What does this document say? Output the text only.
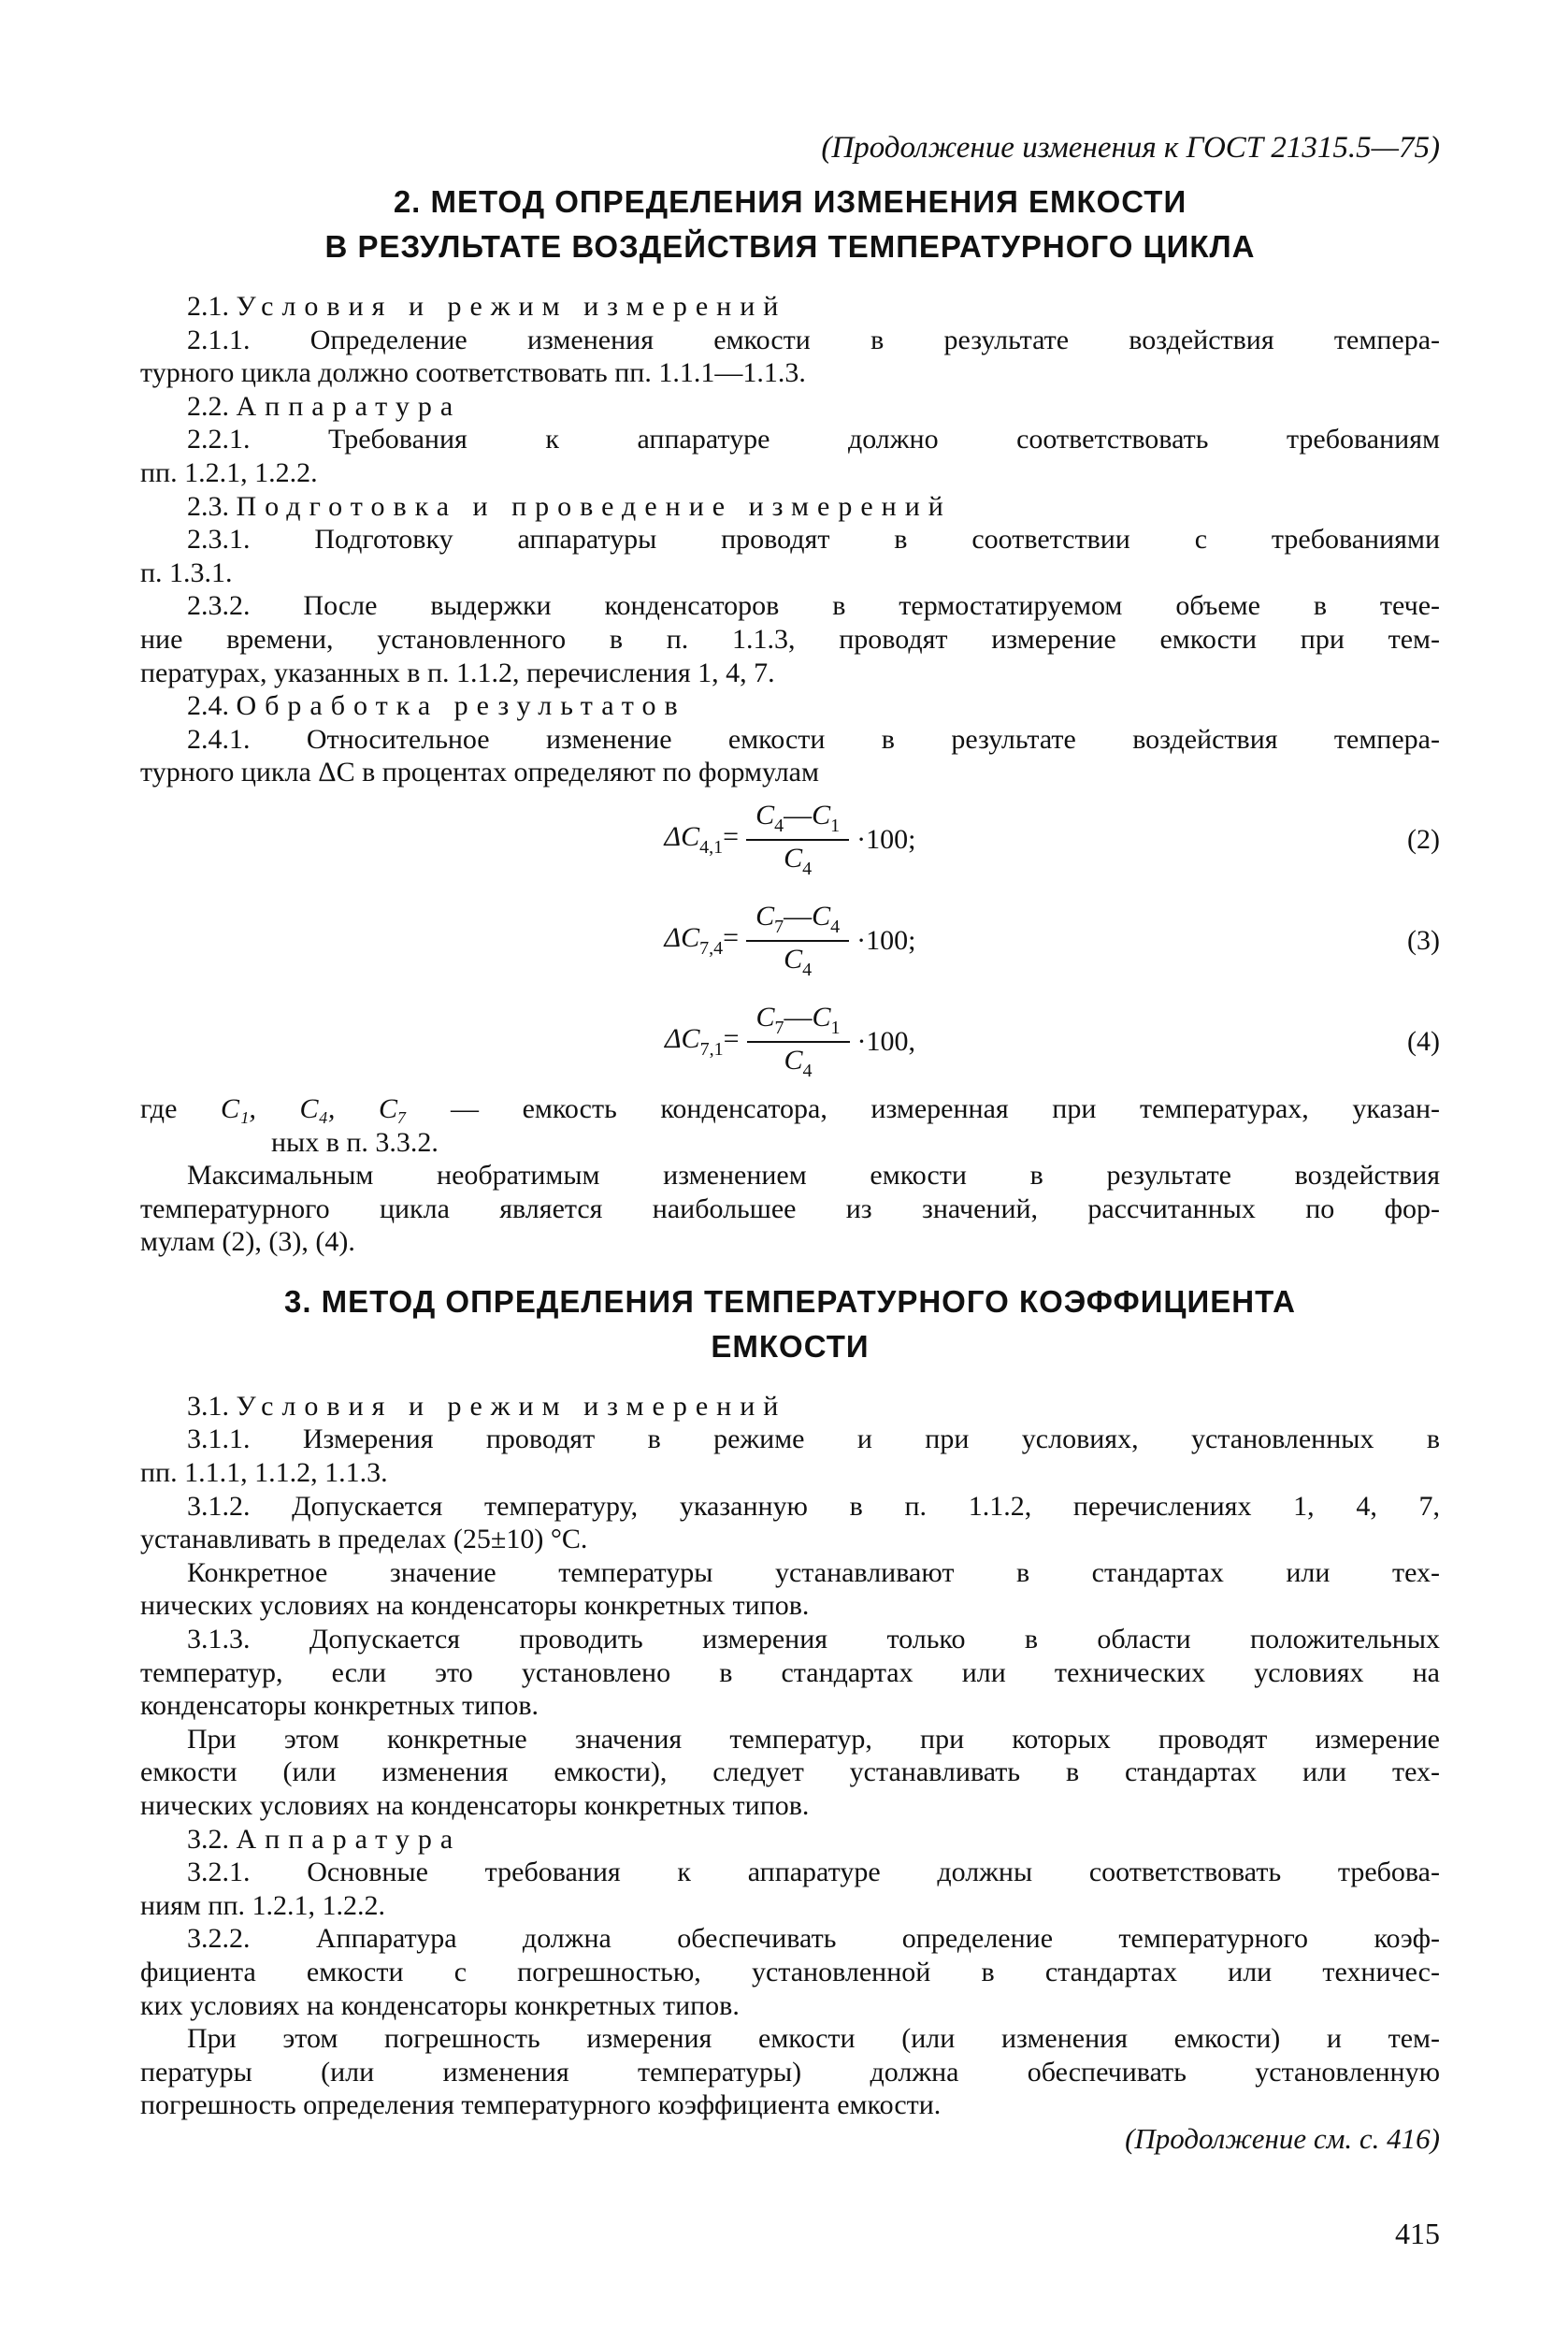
(Продолжение изменения к ГОСТ 21315.5—75)
2. МЕТОД ОПРЕДЕЛЕНИЯ ИЗМЕНЕНИЯ ЕМКОСТИ
В РЕЗУЛЬТАТЕ ВОЗДЕЙСТВИЯ ТЕМПЕРАТУРНОГО ЦИКЛА
2.1. Условия и режим измерений
2.1.1. Определение изменения емкости в результате воздействия темпера-
турного цикла должно соответствовать пп. 1.1.1—1.1.3.
2.2. Аппаратура
2.2.1. Требования к аппаратуре должно соответствовать требованиям
пп. 1.2.1, 1.2.2.
2.3. Подготовка и проведение измерений
2.3.1. Подготовку аппаратуры проводят в соответствии с требованиями
п. 1.3.1.
2.3.2. После выдержки конденсаторов в термостатируемом объеме в тече-
ние времени, установленного в п. 1.1.3, проводят измерение емкости при тем-
пературах, указанных в п. 1.1.2, перечисления 1, 4, 7.
2.4. Обработка результатов
2.4.1. Относительное изменение емкости в результате воздействия темпера-
турного цикла ΔC в процентах определяют по формулам
$\Delta C_{4,1}= \frac{C_4—C_1}{C_4} \cdot 100$;	(2)
$\Delta C_{7,4}= \frac{C_7—C_4}{C_4} \cdot 100$;	(3)
$\Delta C_{7,1}= \frac{C_7—C_1}{C_4} \cdot 100$,	(4)
где C₁, C₄, C₇ — емкость конденсатора, измеренная при температурах, указан-
ных в п. 3.3.2.
Максимальным необратимым изменением емкости в результате воздействия
температурного цикла является наибольшее из значений, рассчитанных по фор-
мулам (2), (3), (4).
3. МЕТОД ОПРЕДЕЛЕНИЯ ТЕМПЕРАТУРНОГО КОЭФФИЦИЕНТА
ЕМКОСТИ
3.1. Условия и режим измерений
3.1.1. Измерения проводят в режиме и при условиях, установленных в
пп. 1.1.1, 1.1.2, 1.1.3.
3.1.2. Допускается температуру, указанную в п. 1.1.2, перечислениях 1, 4, 7,
устанавливать в пределах (25±10) °C.
Конкретное значение температуры устанавливают в стандартах или тех-
нических условиях на конденсаторы конкретных типов.
3.1.3. Допускается проводить измерения только в области положительных
температур, если это установлено в стандартах или технических условиях на
конденсаторы конкретных типов.
При этом конкретные значения температур, при которых проводят измерение
емкости (или изменения емкости), следует устанавливать в стандартах или тех-
нических условиях на конденсаторы конкретных типов.
3.2. Аппаратура
3.2.1. Основные требования к аппаратуре должны соответствовать требова-
ниям пп. 1.2.1, 1.2.2.
3.2.2. Аппаратура должна обеспечивать определение температурного коэф-
фициента емкости с погрешностью, установленной в стандартах или техничес-
ких условиях на конденсаторы конкретных типов.
При этом погрешность измерения емкости (или изменения емкости) и тем-
пературы (или изменения температуры) должна обеспечивать установленную
погрешность определения температурного коэффициента емкости.
(Продолжение см. с. 416)
415
